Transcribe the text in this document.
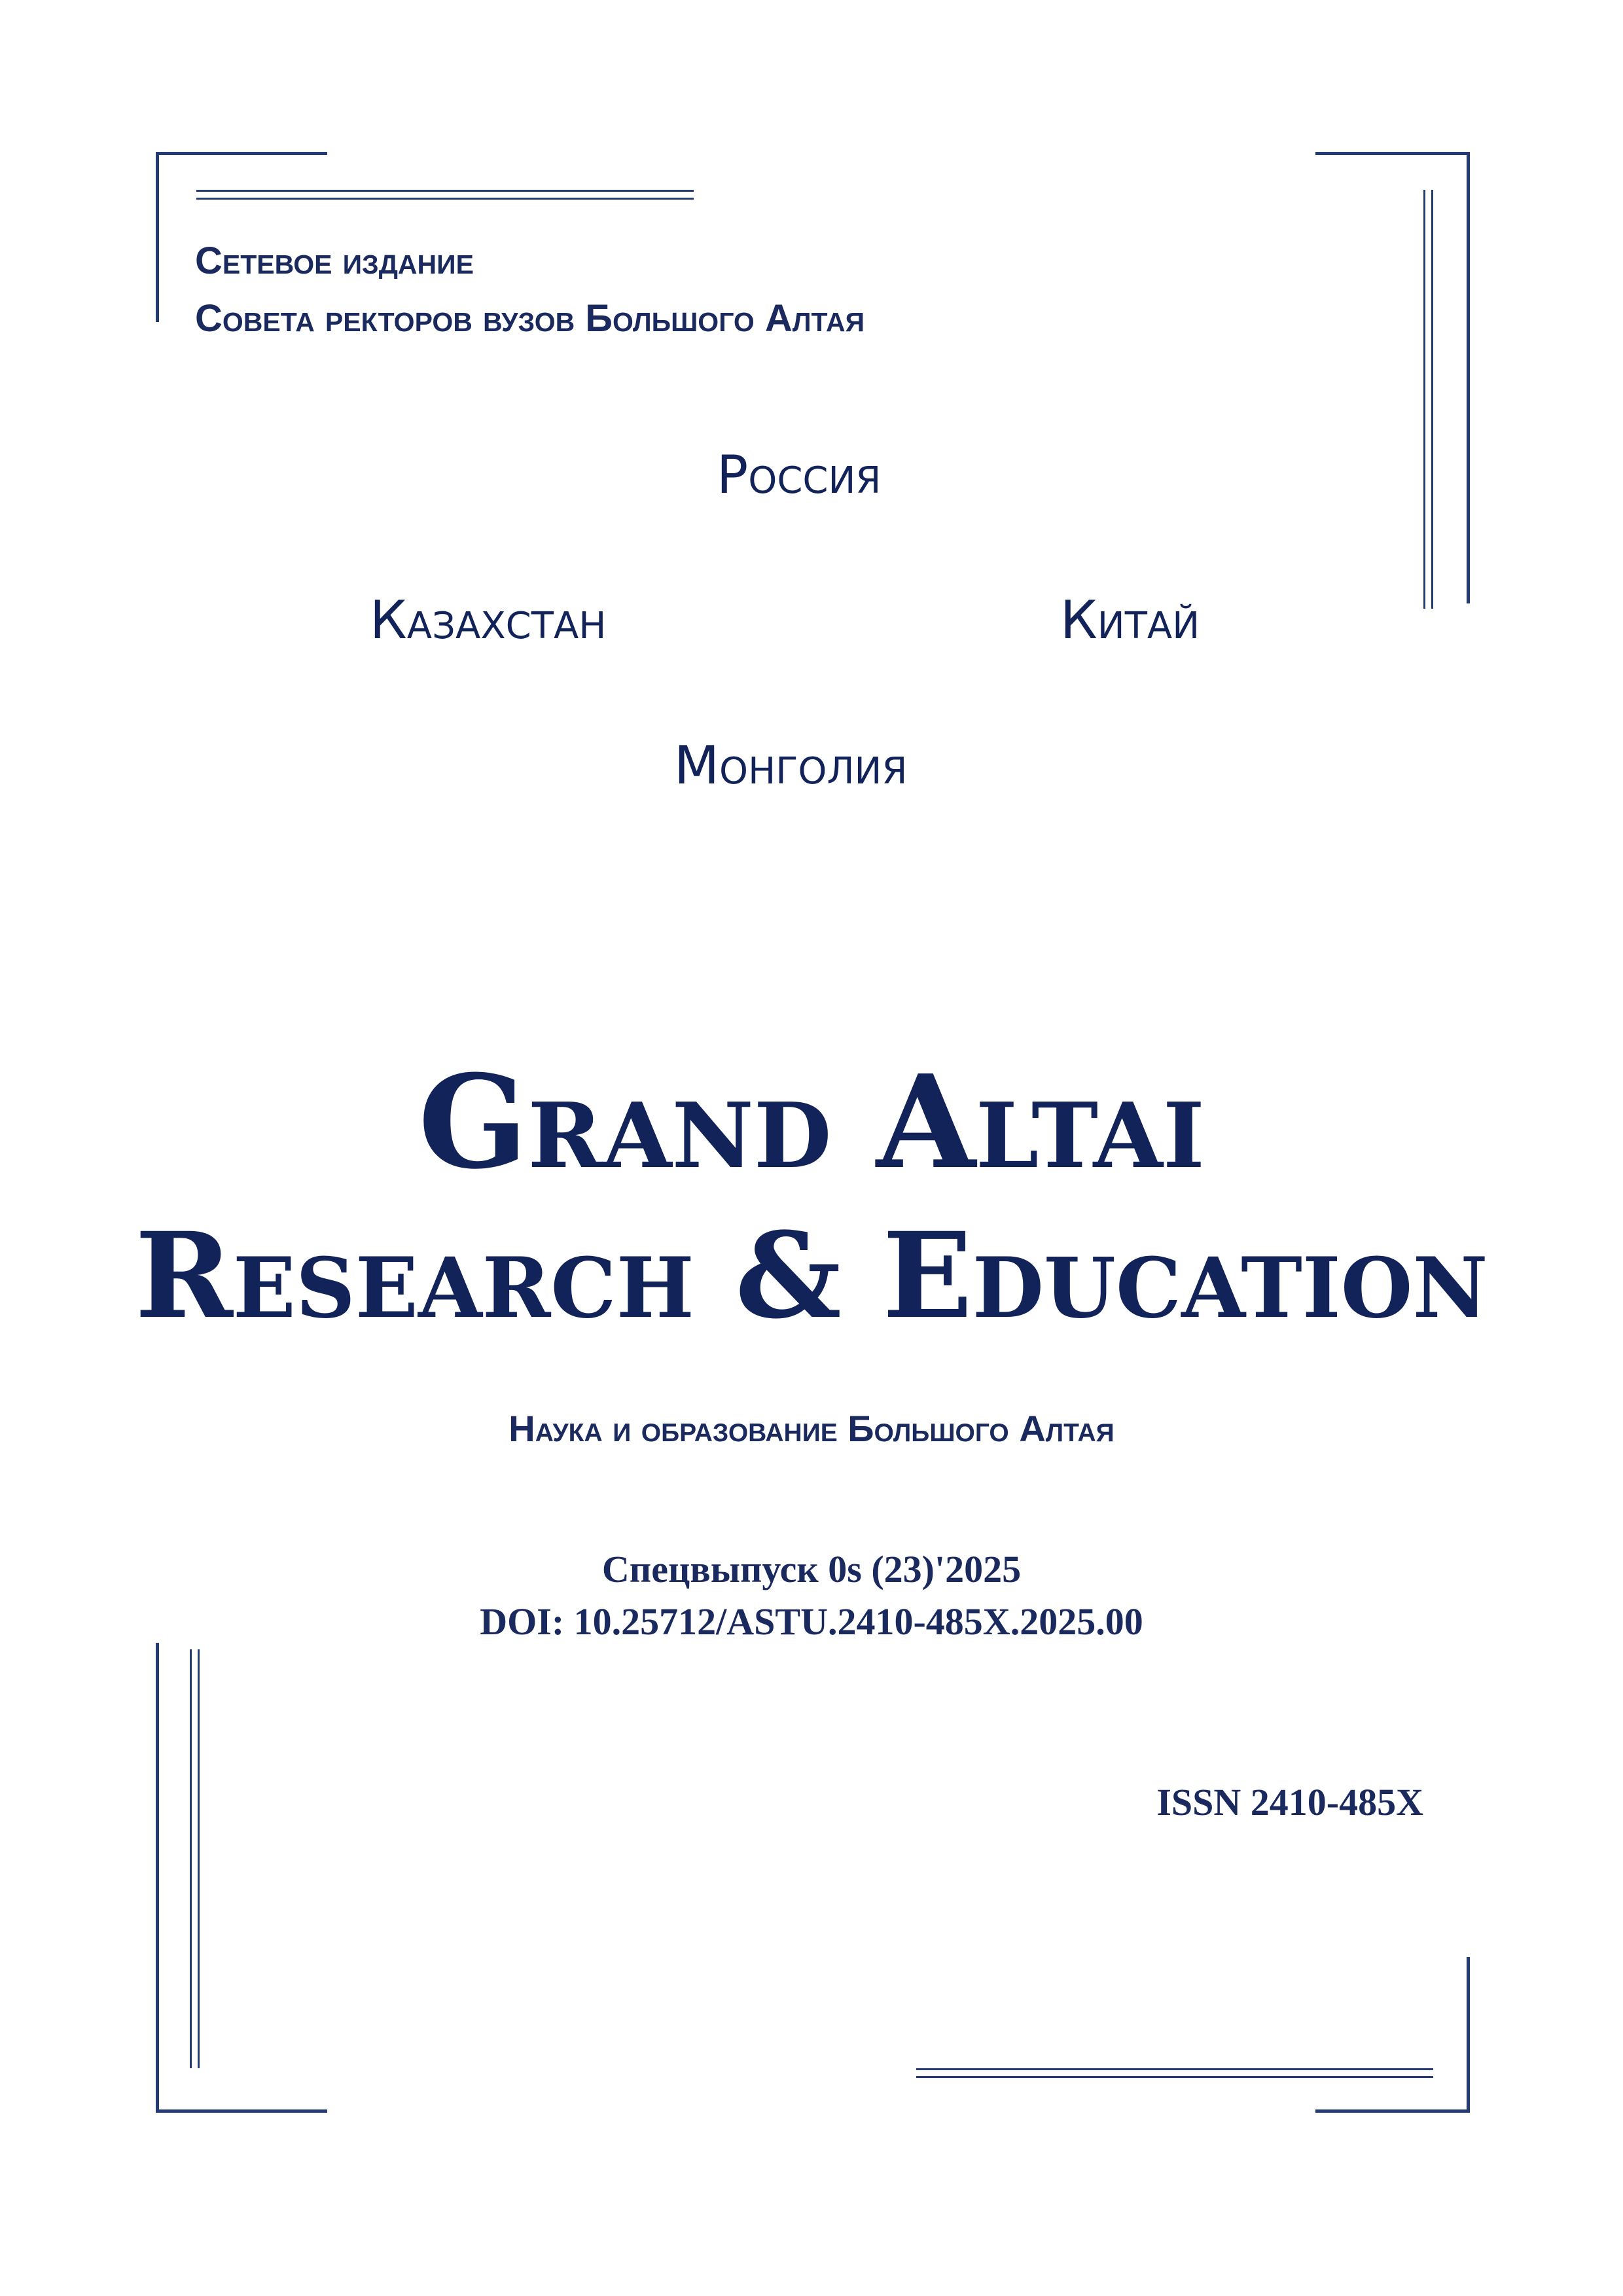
Сетевое издание
Совета ректоров вузов Большого Алтая
Россия
Казахстан	Китай
Монголия
Grand Altai
Research & Education
Наука и образование Большого Алтая
Спецвыпуск 0s (23)'2025
DOI: 10.25712/ASTU.2410-485X.2025.00
ISSN 2410-485X
